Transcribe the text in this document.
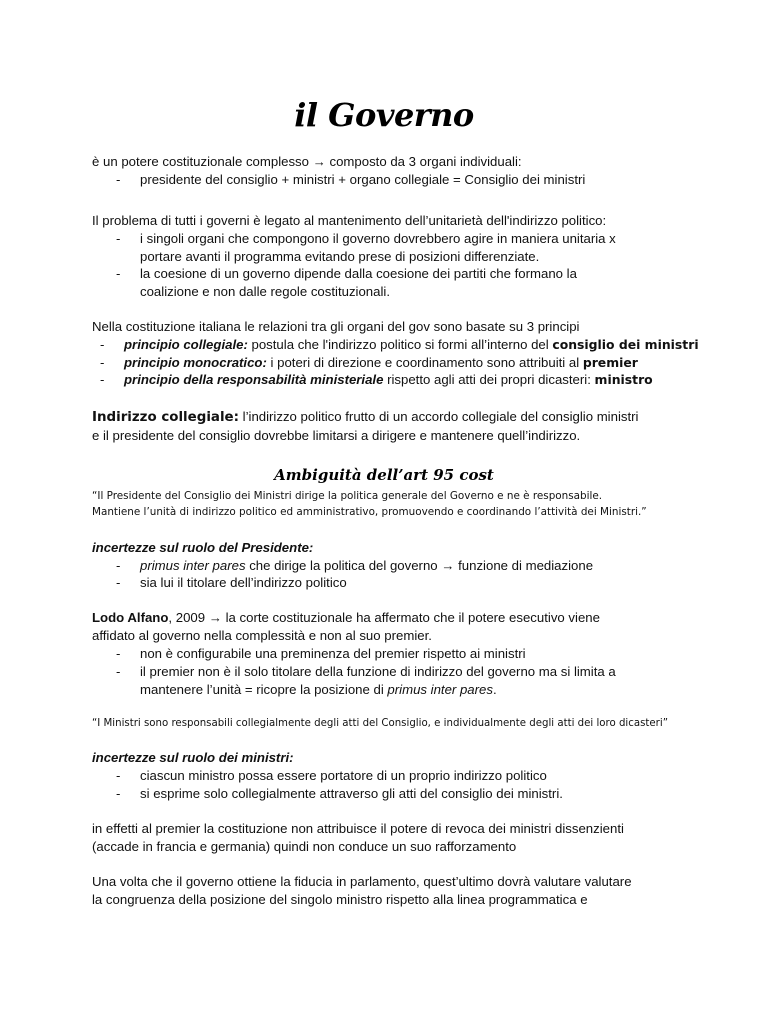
il Governo
è un potere costituzionale complesso → composto da 3 organi individuali:
- presidente del consiglio + ministri + organo collegiale = Consiglio dei ministri
Il problema di tutti i governi è legato al mantenimento dell’unitarietà dell'indirizzo politico:
- i singoli organi che compongono il governo dovrebbero agire in maniera unitaria x
portare avanti il programma evitando prese di posizioni differenziate.
- la coesione di un governo dipende dalla coesione dei partiti che formano la
coalizione e non dalle regole costituzionali.
Nella costituzione italiana le relazioni tra gli organi del gov sono basate su 3 principi
- principio collegiale: postula che l'indirizzo politico si formi all’interno del consiglio dei ministri
- principio monocratico: i poteri di direzione e coordinamento sono attribuiti al premier
- principio della responsabilità ministeriale rispetto agli atti dei propri dicasteri: ministro
Indirizzo collegiale: l’indirizzo politico frutto di un accordo collegiale del consiglio ministri
e il presidente del consiglio dovrebbe limitarsi a dirigere e mantenere quell’indirizzo.
Ambiguità dell’art 95 cost
“Il Presidente del Consiglio dei Ministri dirige la politica generale del Governo e ne è responsabile.
Mantiene l’unità di indirizzo politico ed amministrativo, promuovendo e coordinando l’attività dei Ministri.”
incertezze sul ruolo del Presidente:
- primus inter pares che dirige la politica del governo → funzione di mediazione
- sia lui il titolare dell’indirizzo politico
Lodo Alfano, 2009 → la corte costituzionale ha affermato che il potere esecutivo viene
affidato al governo nella complessità e non al suo premier.
- non è configurabile una preminenza del premier rispetto ai ministri
- il premier non è il solo titolare della funzione di indirizzo del governo ma si limita a
mantenere l’unità = ricopre la posizione di primus inter pares.
“I Ministri sono responsabili collegialmente degli atti del Consiglio, e individualmente degli atti dei loro dicasteri”
incertezze sul ruolo dei ministri:
- ciascun ministro possa essere portatore di un proprio indirizzo politico
- si esprime solo collegialmente attraverso gli atti del consiglio dei ministri.
in effetti al premier la costituzione non attribuisce il potere di revoca dei ministri dissenzienti
(accade in francia e germania) quindi non conduce un suo rafforzamento
Una volta che il governo ottiene la fiducia in parlamento, quest’ultimo dovrà valutare valutare
la congruenza della posizione del singolo ministro rispetto alla linea programmatica e
